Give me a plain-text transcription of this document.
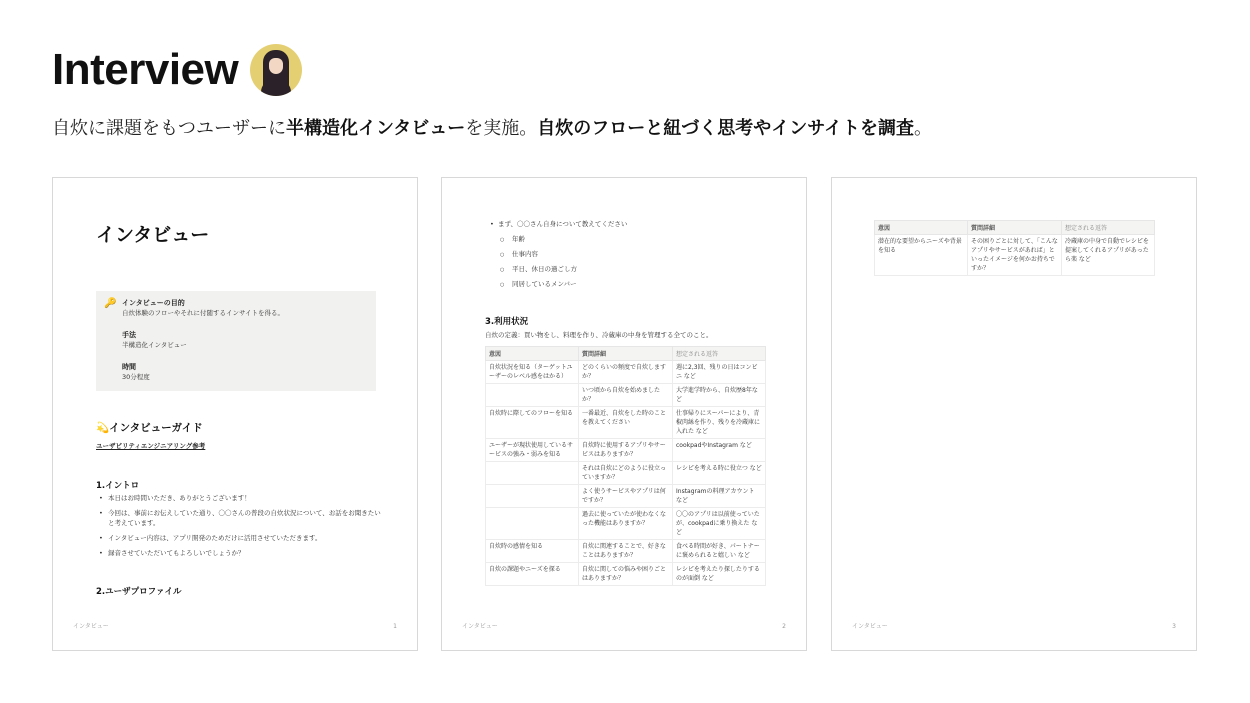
Interview
自炊に課題をもつユーザーに半構造化インタビューを実施。自炊のフローと紐づく思考やインサイトを調査。
インタビュー
🔑 インタビューの目的
自炊体験のフローやそれに付随するインサイトを得る。
手法
半構造化インタビュー
時間
30分程度
💫インタビューガイド
ユーザビリティエンジニアリング参考
1.イントロ
• 本日はお時間いただき、ありがとうございます！
• 今回は、事前にお伝えしていた通り、〇〇さんの普段の自炊状況について、お話をお聞きたいと考えています。
• インタビュー内容は、アプリ開発のためだけに活用させていただきます。
• 録音させていただいてもよろしいでしょうか？
2.ユーザプロファイル
インタビュー	1
• まず、〇〇さん自身について教えてください
○ 年齢
○ 仕事内容
○ 平日、休日の過ごし方
○ 同居しているメンバー
3.利用状況
自炊の定義：買い物をし、料理を作り、冷蔵庫の中身を管理する全てのこと。
意図	質問詳細	想定される返答
自炊状況を知る（ターゲットユーザーのレベル感をはかる）	どのくらいの頻度で自炊しますか？	週に2,3回、残りの日はコンビニ など
	いつ頃から自炊を始めましたか？	大学進学時から、自炊歴8年など
自炊時に際してのフローを知る	一番最近、自炊をした時のことを教えてください	仕事帰りにスーパーにより、青椒肉絲を作り、残りを冷蔵庫に入れた など
ユーザーが現状使用しているサービスの強み・弱みを知る	自炊時に使用するアプリやサービスはありますか？	cookpadやInstagram など
	それは自炊にどのように役立っていますか？	レシピを考える時に役立つ など
	よく使うサービスやアプリは何ですか？	Instagramの料理アカウント など
	過去に使っていたが使わなくなった機能はありますか？	〇〇のアプリは以前使っていたが、cookpadに乗り換えた など
自炊時の感情を知る	自炊に関連することで、好きなことはありますか？	食べる時間が好き、パートナーに褒められると嬉しい など
自炊の課題やニーズを探る	自炊に関しての悩みや困りごとはありますか？	レシピを考えたり探したりするのが面倒 など
インタビュー	2
意図	質問詳細	想定される返答
潜在的な要望からニーズや背景を知る	その困りごとに対して、「こんなアプリやサービスがあれば」といったイメージを何かお持ちですか？	冷蔵庫の中身で自動でレシピを提案してくれるアプリがあったら楽 など
インタビュー	3
